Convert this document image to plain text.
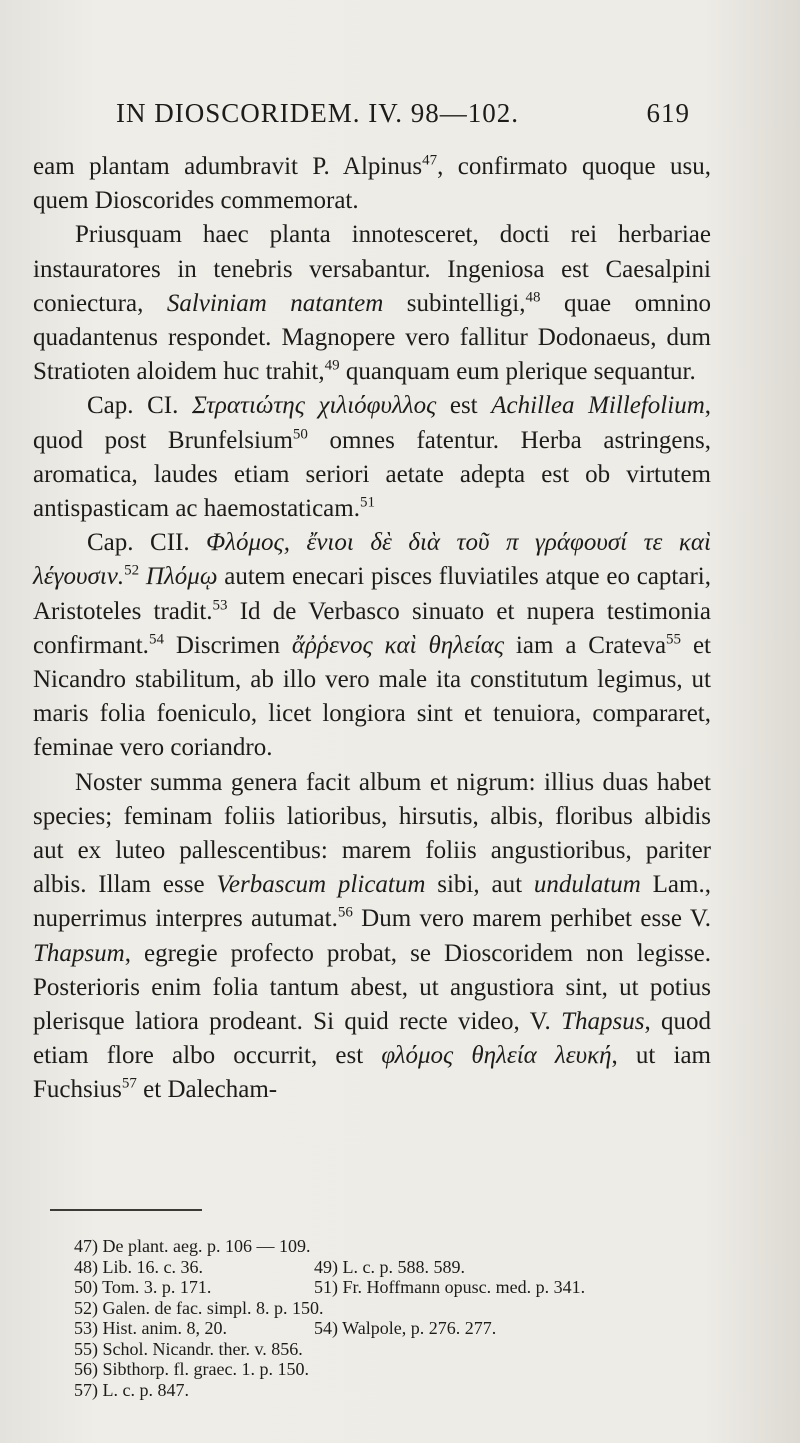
IN DIOSCORIDEM. IV. 98—102.	619

eam plantam adumbravit P. Alpinus$^{47}$, confirmato quoque usu, quem Dioscorides commemorat.

Priusquam haec planta innotesceret, docti rei herbariae instauratores in tenebris versabantur. Ingeniosa est Caesalpini coniectura, Salviniam natantem subintelligi,$^{48}$ quae omnino quadantenus respondet. Magnopere vero fallitur Dodonaeus, dum Stratioten aloidem huc trahit,$^{49}$ quanquam eum plerique sequantur.

Cap. CI. Στρατιώτης χιλιόφυλλος est Achillea Millefolium, quod post Brunfelsium$^{50}$ omnes fatentur. Herba astringens, aromatica, laudes etiam seriori aetate adepta est ob virtutem antispasticam ac haemostaticam.$^{51}$

Cap. CII. Φλόμος, ἔνιοι δὲ διὰ τοῦ π γράφουσί τε καὶ λέγουσιν.$^{52}$ Πλόμῳ autem enecari pisces fluviatiles atque eo captari, Aristoteles tradit.$^{53}$ Id de Verbasco sinuato et nupera testimonia confirmant.$^{54}$ Discrimen ἄῤῥενος καὶ θηλείας iam a Crateva$^{55}$ et Nicandro stabilitum, ab illo vero male ita constitutum legimus, ut maris folia foeniculo, licet longiora sint et tenuiora, compararet, feminae vero coriandro.

Noster summa genera facit album et nigrum: illius duas habet species; feminam foliis latioribus, hirsutis, albis, floribus albidis aut ex luteo pallescentibus: marem foliis angustioribus, pariter albis. Illam esse Verbascum plicatum sibi, aut undulatum Lam., nuperrimus interpres autumat.$^{56}$ Dum vero marem perhibet esse V. Thapsum, egregie profecto probat, se Dioscoridem non legisse. Posterioris enim folia tantum abest, ut angustiora sint, ut potius plerisque latiora prodeant. Si quid recte video, V. Thapsus, quod etiam flore albo occurrit, est φλόμος θηλεία λευκή, ut iam Fuchsius$^{57}$ et Dalecham-

47) De plant. aeg. p. 106 — 109.
48) Lib. 16. c. 36.	49) L. c. p. 588. 589.
50) Tom. 3. p. 171.	51) Fr. Hoffmann opusc. med. p. 341.
52) Galen. de fac. simpl. 8. p. 150.
53) Hist. anim. 8, 20.	54) Walpole, p. 276. 277.
55) Schol. Nicandr. ther. v. 856.
56) Sibthorp. fl. graec. 1. p. 150.
57) L. c. p. 847.
